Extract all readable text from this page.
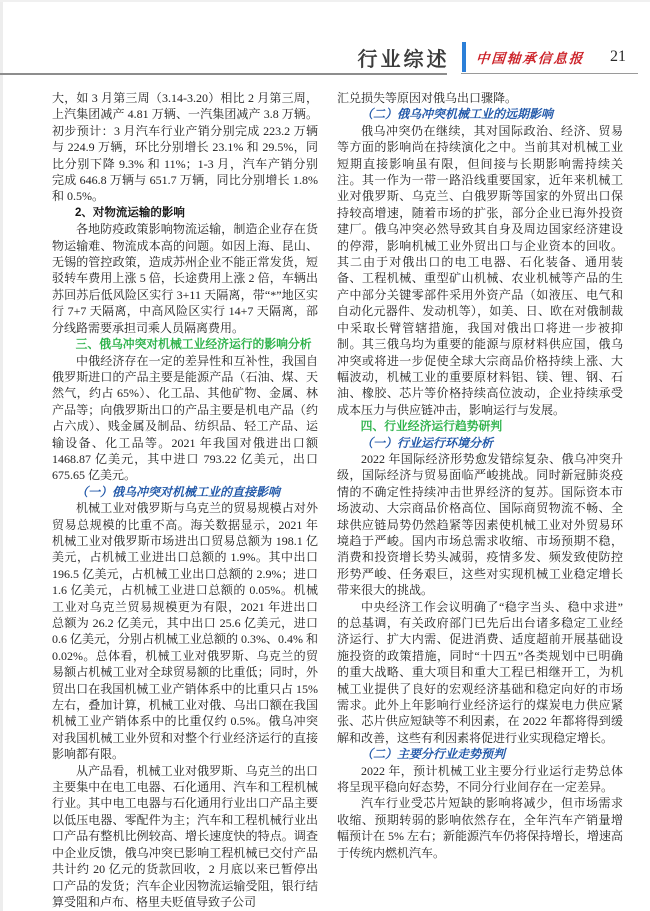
行业综述 中国轴承信息报 21

大，如 3 月第三周（3.14-3.20）相比 2 月第三周，上汽集团减产 4.81 万辆、一汽集团减产 3.8 万辆。初步预计：3 月汽车行业产销分别完成 223.2 万辆与 224.9 万辆，环比分别增长 23.1% 和 29.5%，同比分别下降 9.3% 和 11%；1-3 月，汽车产销分别完成 646.8 万辆与 651.7 万辆，同比分别增长 1.8% 和 0.5%。

2、对物流运输的影响

各地防疫政策影响物流运输，制造企业存在货物运输难、物流成本高的问题。如因上海、昆山、无锡的管控政策，造成苏州企业不能正常发货，短驳转车费用上涨 5 倍，长途费用上涨 2 倍，车辆出苏回苏后低风险区实行 3+11 天隔离，带“*”地区实行 7+7 天隔离，中高风险区实行 14+7 天隔离，部分线路需要承担司乘人员隔离费用。

三、俄乌冲突对机械工业经济运行的影响分析

中俄经济存在一定的差异性和互补性，我国自俄罗斯进口的产品主要是能源产品（石油、煤、天然气，约占 65%）、化工品、其他矿物、金属、林产品等；向俄罗斯出口的产品主要是机电产品（约占六成）、贱金属及制品、纺织品、轻工产品、运输设备、化工品等。2021 年我国对俄进出口额 1468.87 亿美元，其中进口 793.22 亿美元，出口 675.65 亿美元。

（一）俄乌冲突对机械工业的直接影响

机械工业对俄罗斯与乌克兰的贸易规模占对外贸易总规模的比重不高。海关数据显示，2021 年机械工业对俄罗斯市场进出口贸易总额为 198.1 亿美元，占机械工业进出口总额的 1.9%。其中出口 196.5 亿美元，占机械工业出口总额的 2.9%；进口 1.6 亿美元，占机械工业进口总额的 0.05%。机械工业对乌克兰贸易规模更为有限，2021 年进出口总额为 26.2 亿美元，其中出口 25.6 亿美元，进口 0.6 亿美元，分别占机械工业总额的 0.3%、0.4% 和 0.02%。总体看，机械工业对俄罗斯、乌克兰的贸易额占机械工业对全球贸易额的比重低；同时，外贸出口在我国机械工业产销体系中的比重只占 15% 左右，叠加计算，机械工业对俄、乌出口额在我国机械工业产销体系中的比重仅约 0.5%。俄乌冲突对我国机械工业外贸和对整个行业经济运行的直接影响都有限。

从产品看，机械工业对俄罗斯、乌克兰的出口主要集中在电工电器、石化通用、汽车和工程机械行业。其中电工电器与石化通用行业出口产品主要以低压电器、零配件为主；汽车和工程机械行业出口产品有整机比例较高、增长速度快的特点。调查中企业反馈，俄乌冲突已影响工程机械已交付产品共计约 20 亿元的货款回收，2 月底以来已暂停出口产品的发货；汽车企业因物流运输受阻，银行结算受阻和卢布、格里夫贬值导致子公司

汇兑损失等原因对俄乌出口骤降。

（二）俄乌冲突机械工业的远期影响

俄乌冲突仍在继续，其对国际政治、经济、贸易等方面的影响尚在持续演化之中。当前其对机械工业短期直接影响虽有限，但间接与长期影响需持续关注。其一作为一带一路沿线重要国家，近年来机械工业对俄罗斯、乌克兰、白俄罗斯等国家的外贸出口保持较高增速，随着市场的扩张，部分企业已海外投资建厂。俄乌冲突必然导致其自身及周边国家经济建设的停滞，影响机械工业外贸出口与企业资本的回收。其二由于对俄出口的电工电器、石化装备、通用装备、工程机械、重型矿山机械、农业机械等产品的生产中部分关键零部件采用外资产品（如液压、电气和自动化元器件、发动机等），如美、日、欧在对俄制裁中采取长臂管辖措施，我国对俄出口将进一步被抑制。其三俄乌均为重要的能源与原材料供应国，俄乌冲突或将进一步促使全球大宗商品价格持续上涨、大幅波动，机械工业的重要原材料铝、镁、锂、钢、石油、橡胶、芯片等价格持续高位波动，企业持续承受成本压力与供应链冲击，影响运行与发展。

四、行业经济运行趋势研判

（一）行业运行环境分析

2022 年国际经济形势愈发错综复杂、俄乌冲突升级，国际经济与贸易面临严峻挑战。同时新冠肺炎疫情的不确定性持续冲击世界经济的复苏。国际资本市场波动、大宗商品价格高位、国际商贸物流不畅、全球供应链局势仍然趋紧等因素使机械工业对外贸易环境趋于严峻。国内市场总需求收缩、市场预期不稳，消费和投资增长势头减弱，疫情多发、频发致使防控形势严峻、任务艰巨，这些对实现机械工业稳定增长带来很大的挑战。

中央经济工作会议明确了“稳字当头、稳中求进”的总基调，有关政府部门已先后出台诸多稳定工业经济运行、扩大内需、促进消费、适度超前开展基础设施投资的政策措施，同时“十四五”各类规划中已明确的重大战略、重大项目和重大工程已相继开工，为机械工业提供了良好的宏观经济基础和稳定向好的市场需求。此外上年影响行业经济运行的煤炭电力供应紧张、芯片供应短缺等不利因素，在 2022 年都将得到缓解和改善，这些有利因素将促进行业实现稳定增长。

（二）主要分行业走势预判

2022 年，预计机械工业主要分行业运行走势总体将呈现平稳向好态势，不同分行业间存在一定差异。

汽车行业受芯片短缺的影响将减少，但市场需求收缩、预期转弱的影响依然存在，全年汽车产销量增幅预计在 5% 左右；新能源汽车仍将保持增长，增速高于传统内燃机汽车。
